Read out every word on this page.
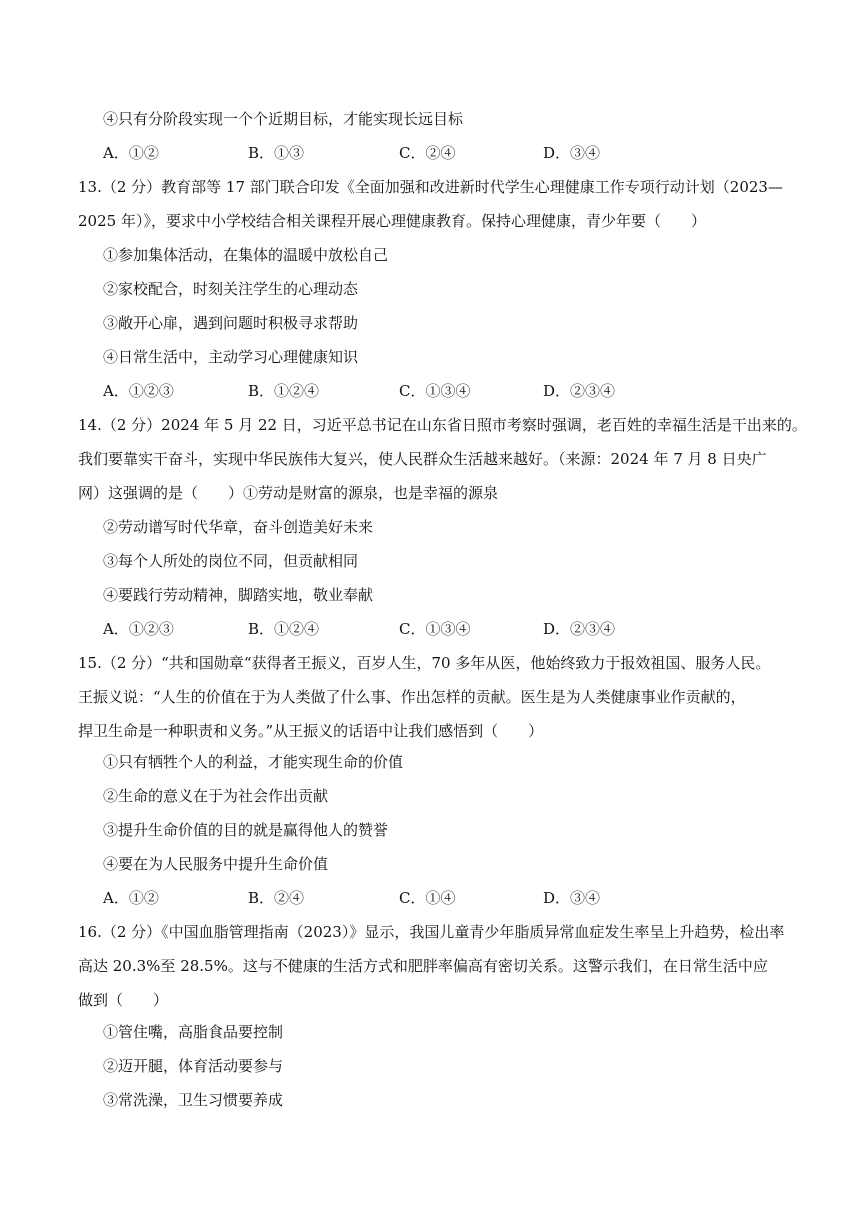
④只有分阶段实现一个个近期目标，才能实现长远目标
A．①②	B．①③	C．②④	D．③④
13.（2 分）教育部等 17 部门联合印发《全面加强和改进新时代学生心理健康工作专项行动计划（2023—
2025 年）》，要求中小学校结合相关课程开展心理健康教育。保持心理健康，青少年要（　　）
①参加集体活动，在集体的温暖中放松自己
②家校配合，时刻关注学生的心理动态
③敞开心扉，遇到问题时积极寻求帮助
④日常生活中，主动学习心理健康知识
A．①②③	B．①②④	C．①③④	D．②③④
14.（2 分）2024 年 5 月 22 日，习近平总书记在山东省日照市考察时强调，老百姓的幸福生活是干出来的。
我们要靠实干奋斗，实现中华民族伟大复兴，使人民群众生活越来越好。（来源：2024 年 7 月 8 日央广
网）这强调的是（　　）①劳动是财富的源泉，也是幸福的源泉
②劳动谱写时代华章，奋斗创造美好未来
③每个人所处的岗位不同，但贡献相同
④要践行劳动精神，脚踏实地，敬业奉献
A．①②③	B．①②④	C．①③④	D．②③④
15.（2 分）“共和国勋章“获得者王振义，百岁人生，70 多年从医，他始终致力于报效祖国、服务人民。
王振义说：“人生的价值在于为人类做了什么事、作出怎样的贡献。医生是为人类健康事业作贡献的，
捍卫生命是一种职责和义务。”从王振义的话语中让我们感悟到（　　）
①只有牺牲个人的利益，才能实现生命的价值
②生命的意义在于为社会作出贡献
③提升生命价值的目的就是赢得他人的赞誉
④要在为人民服务中提升生命价值
A．①②	B．②④	C．①④	D．③④
16.（2 分）《中国血脂管理指南（2023）》显示，我国儿童青少年脂质异常血症发生率呈上升趋势，检出率
高达 20.3%至 28.5%。这与不健康的生活方式和肥胖率偏高有密切关系。这警示我们，在日常生活中应
做到（　　）
①管住嘴，高脂食品要控制
②迈开腿，体育活动要参与
③常洗澡，卫生习惯要养成
